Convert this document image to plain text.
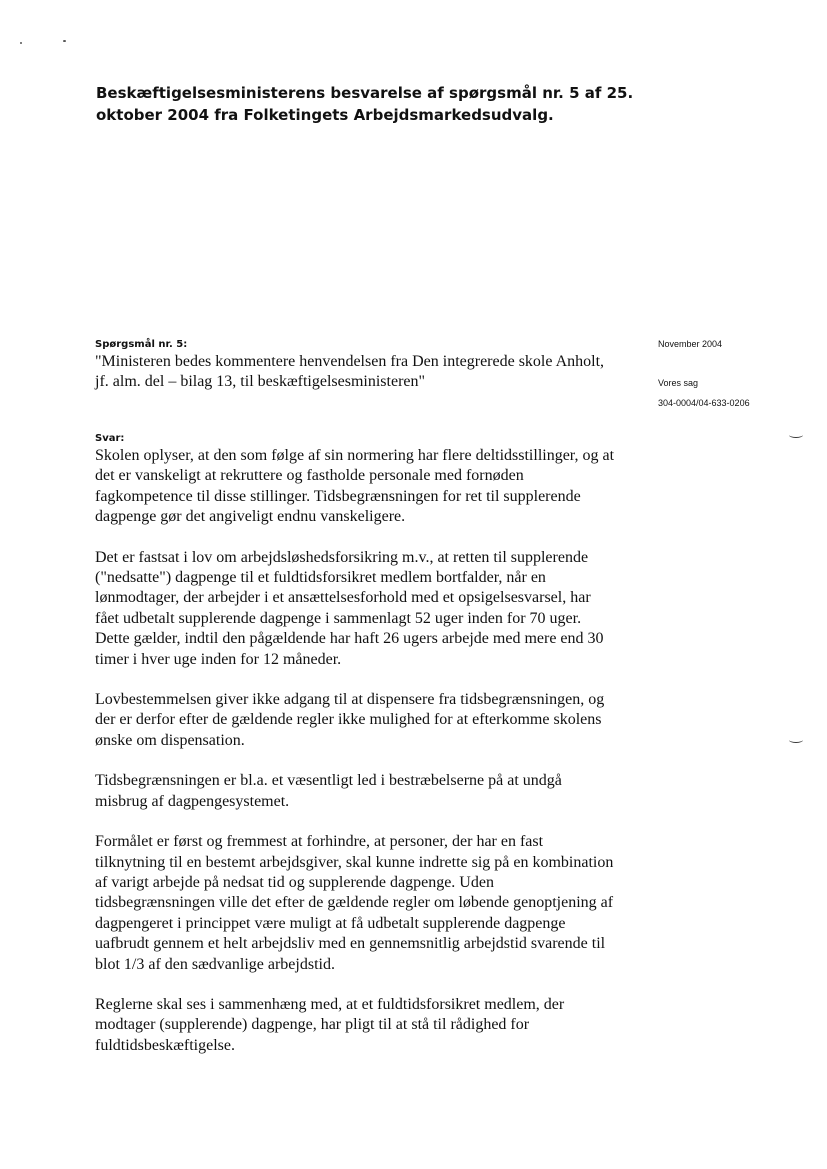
Beskæftigelsesministerens besvarelse af spørgsmål nr. 5 af 25. oktober 2004 fra Folketingets Arbejdsmarkedsudvalg.
Spørgsmål nr. 5:

"Ministeren bedes kommentere henvendelsen fra Den integrerede skole Anholt, jf. alm. del – bilag 13, til beskæftigelsesministeren"

November 2004
Vores sag
304-0004/04-633-0206
Svar:

Skolen oplyser, at den som følge af sin normering har flere deltidsstillinger, og at det er vanskeligt at rekruttere og fastholde personale med fornøden fagkompetence til disse stillinger. Tidsbegrænsningen for ret til supplerende dagpenge gør det angiveligt endnu vanskeligere.

Det er fastsat i lov om arbejdsløshedsforsikring m.v., at retten til supplerende ("nedsatte") dagpenge til et fuldtidsforsikret medlem bortfalder, når en lønmodtager, der arbejder i et ansættelsesforhold med et opsigelsesvarsel, har fået udbetalt supplerende dagpenge i sammenlagt 52 uger inden for 70 uger. Dette gælder, indtil den pågældende har haft 26 ugers arbejde med mere end 30 timer i hver uge inden for 12 måneder.

Lovbestemmelsen giver ikke adgang til at dispensere fra tidsbegrænsningen, og der er derfor efter de gældende regler ikke mulighed for at efterkomme skolens ønske om dispensation.

Tidsbegrænsningen er bl.a. et væsentligt led i bestræbelserne på at undgå misbrug af dagpengesystemet.

Formålet er først og fremmest at forhindre, at personer, der har en fast tilknytning til en bestemt arbejdsgiver, skal kunne indrette sig på en kombination af varigt arbejde på nedsat tid og supplerende dagpenge. Uden tidsbegrænsningen ville det efter de gældende regler om løbende genoptjening af dagpengeret i princippet være muligt at få udbetalt supplerende dagpenge uafbrudt gennem et helt arbejdsliv med en gennemsnitlig arbejdstid svarende til blot 1/3 af den sædvanlige arbejdstid.

Reglerne skal ses i sammenhæng med, at et fuldtidsforsikret medlem, der modtager (supplerende) dagpenge, har pligt til at stå til rådighed for fuldtidsbeskæftigelse.
